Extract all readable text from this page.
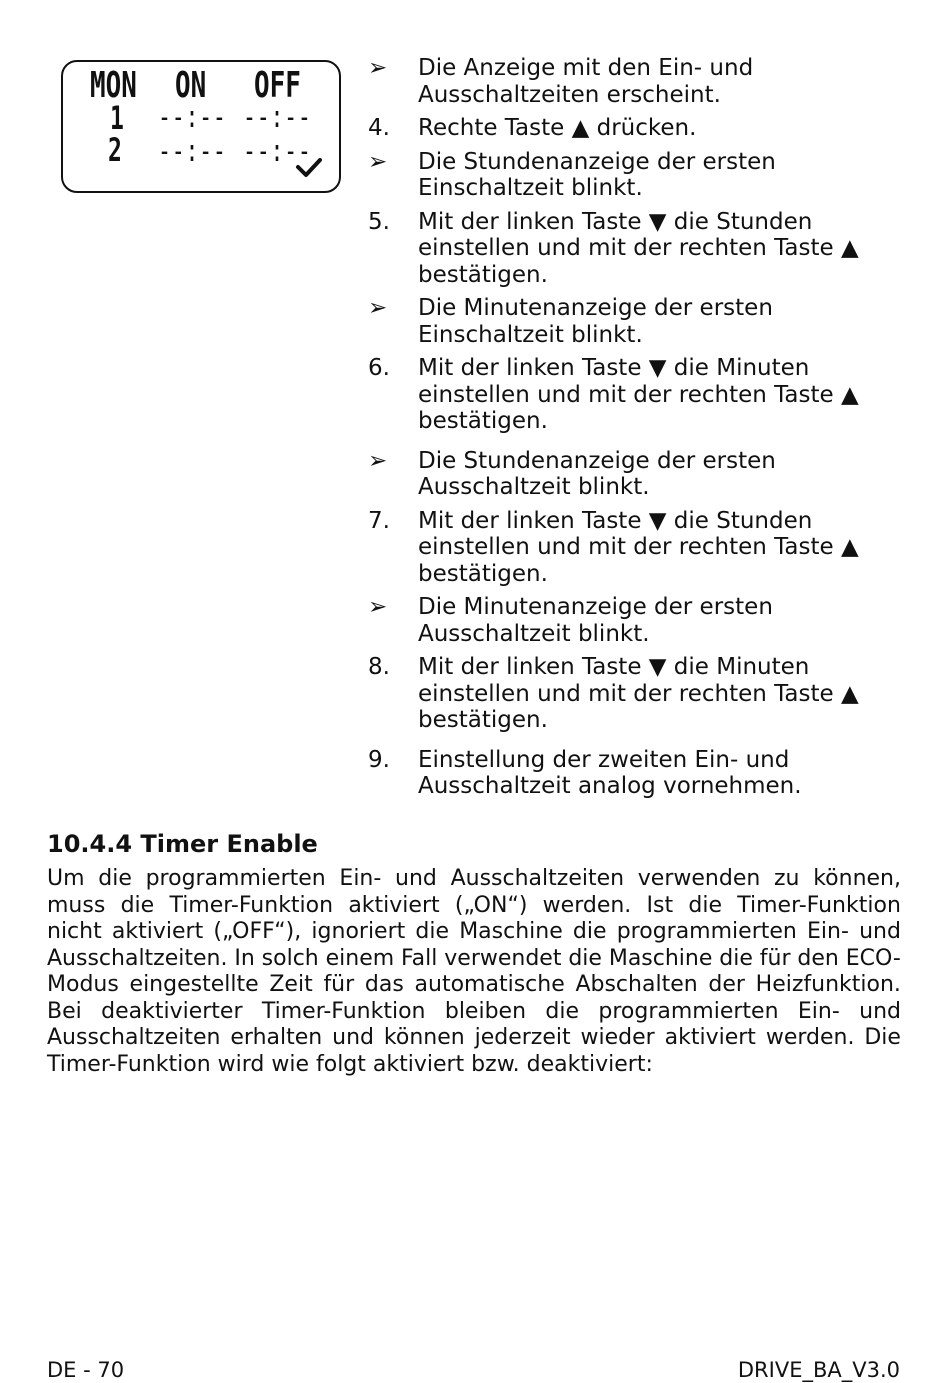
MON ON OFF
1 --:-- --:--
2 --:-- --:--
➢	Die Anzeige mit den Ein- und
Ausschaltzeiten erscheint.
4.	Rechte Taste ▲ drücken.
➢	Die Stundenanzeige der ersten
Einschaltzeit blinkt.
5.	Mit der linken Taste ▼ die Stunden
einstellen und mit der rechten Taste ▲
bestätigen.
➢	Die Minutenanzeige der ersten
Einschaltzeit blinkt.
6.	Mit der linken Taste ▼ die Minuten
einstellen und mit der rechten Taste ▲
bestätigen.
➢	Die Stundenanzeige der ersten
Ausschaltzeit blinkt.
7.	Mit der linken Taste ▼ die Stunden
einstellen und mit der rechten Taste ▲
bestätigen.
➢	Die Minutenanzeige der ersten
Ausschaltzeit blinkt.
8.	Mit der linken Taste ▼ die Minuten
einstellen und mit der rechten Taste ▲
bestätigen.
9.	Einstellung der zweiten Ein- und
Ausschaltzeit analog vornehmen.
10.4.4 Timer Enable
Um die programmierten Ein- und Ausschaltzeiten verwenden zu können,
muss die Timer-Funktion aktiviert („ON“) werden. Ist die Timer-Funktion
nicht aktiviert („OFF“), ignoriert die Maschine die programmierten Ein- und
Ausschaltzeiten. In solch einem Fall verwendet die Maschine die für den ECO-
Modus eingestellte Zeit für das automatische Abschalten der Heizfunktion.
Bei deaktivierter Timer-Funktion bleiben die programmierten Ein- und
Ausschaltzeiten erhalten und können jederzeit wieder aktiviert werden. Die
Timer-Funktion wird wie folgt aktiviert bzw. deaktiviert:
DE - 70	DRIVE_BA_V3.0
